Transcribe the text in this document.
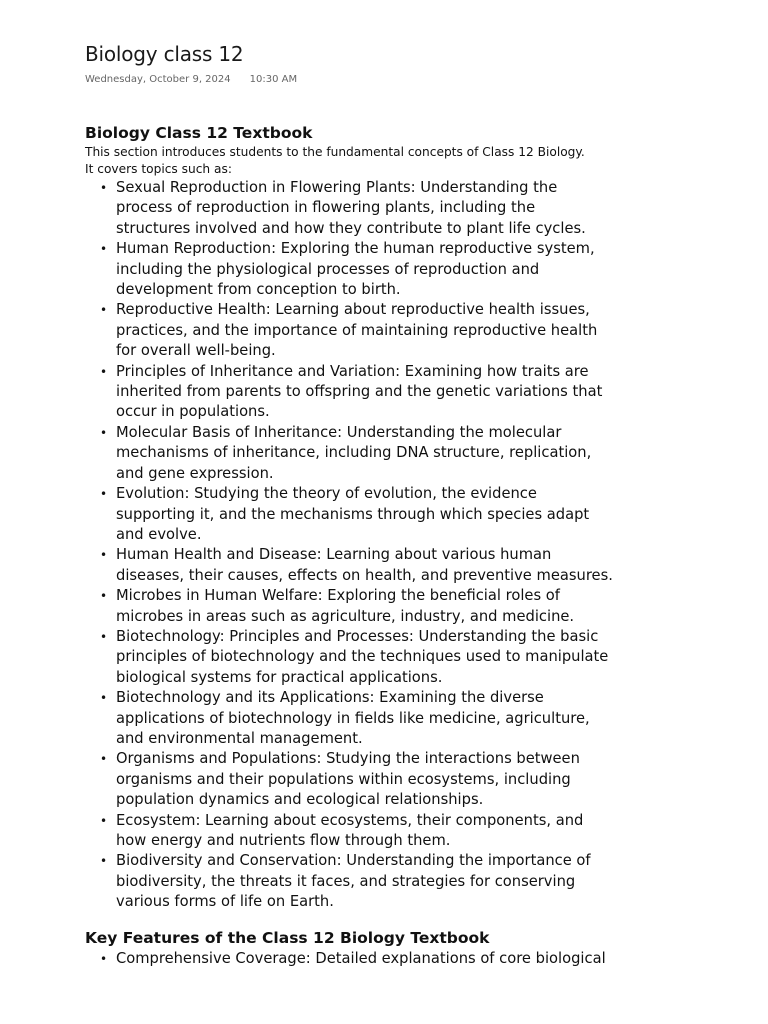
Biology class 12
Wednesday, October 9, 2024 10:30 AM
Biology Class 12 Textbook

This section introduces students to the fundamental concepts of Class 12 Biology.
It covers topics such as:

• Sexual Reproduction in Flowering Plants: Understanding the
process of reproduction in flowering plants, including the
structures involved and how they contribute to plant life cycles.
• Human Reproduction: Exploring the human reproductive system,
including the physiological processes of reproduction and
development from conception to birth.
• Reproductive Health: Learning about reproductive health issues,
practices, and the importance of maintaining reproductive health
for overall well-being.
• Principles of Inheritance and Variation: Examining how traits are
inherited from parents to offspring and the genetic variations that
occur in populations.
• Molecular Basis of Inheritance: Understanding the molecular
mechanisms of inheritance, including DNA structure, replication,
and gene expression.
• Evolution: Studying the theory of evolution, the evidence
supporting it, and the mechanisms through which species adapt
and evolve.
• Human Health and Disease: Learning about various human
diseases, their causes, effects on health, and preventive measures.
• Microbes in Human Welfare: Exploring the beneficial roles of
microbes in areas such as agriculture, industry, and medicine.
• Biotechnology: Principles and Processes: Understanding the basic
principles of biotechnology and the techniques used to manipulate
biological systems for practical applications.
• Biotechnology and its Applications: Examining the diverse
applications of biotechnology in fields like medicine, agriculture,
and environmental management.
• Organisms and Populations: Studying the interactions between
organisms and their populations within ecosystems, including
population dynamics and ecological relationships.
• Ecosystem: Learning about ecosystems, their components, and
how energy and nutrients flow through them.
• Biodiversity and Conservation: Understanding the importance of
biodiversity, the threats it faces, and strategies for conserving
various forms of life on Earth.
Key Features of the Class 12 Biology Textbook
• Comprehensive Coverage: Detailed explanations of core biological
